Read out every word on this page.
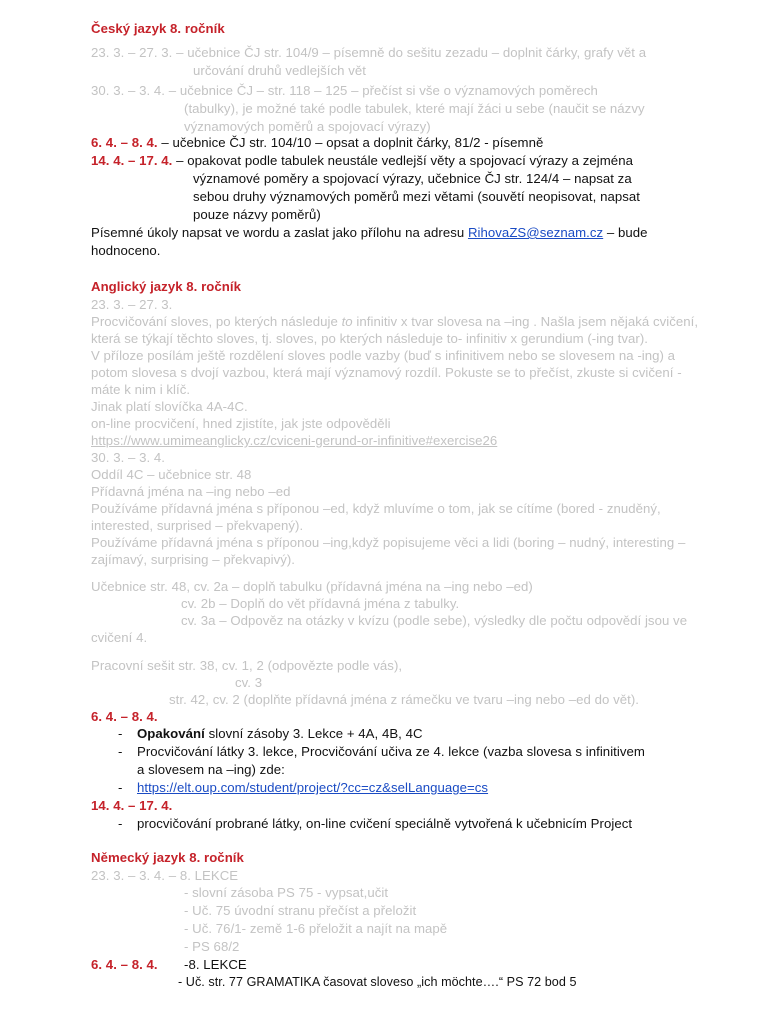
Český jazyk 8. ročník
23. 3. – 27. 3. – učebnice ČJ str. 104/9 – písemně do sešitu zezadu – doplnit čárky, grafy vět a
určování druhů vedlejších vět
30. 3. – 3. 4. – učebnice ČJ – str. 118 – 125 – přečíst si vše o významových poměrech
(tabulky), je možné také podle tabulek, které mají žáci u sebe (naučit se názvy
významových poměrů a spojovací výrazy)
6. 4. – 8. 4. – učebnice ČJ str. 104/10 – opsat a doplnit čárky, 81/2 - písemně
14. 4. – 17. 4. – opakovat podle tabulek neustále vedlejší věty a spojovací výrazy a zejména
významové poměry a spojovací výrazy, učebnice ČJ str. 124/4 – napsat za
sebou druhy významových poměrů mezi větami (souvětí neopisovat, napsat
pouze názvy poměrů)
Písemné úkoly napsat ve wordu a zaslat jako přílohu na adresu RihovaZS@seznam.cz – bude
hodnoceno.
Anglický jazyk 8. ročník
23. 3. – 27. 3.
Procvičování sloves, po kterých následuje to infinitiv x tvar slovesa na –ing . Našla jsem nějaká cvičení,
která se týkají těchto sloves, tj. sloves, po kterých následuje to- infinitiv x gerundium (-ing tvar).
V příloze posílám ještě rozdělení sloves podle vazby (buď s infinitivem nebo se slovesem na -ing) a
potom slovesa s dvojí vazbou, která mají významový rozdíl. Pokuste se to přečíst, zkuste si cvičení -
máte k nim i klíč.
Jinak platí slovíčka 4A-4C.
on-line procvičení, hned zjistíte, jak jste odpověděli
https://www.umimeanglicky.cz/cviceni-gerund-or-infinitive#exercise26
30. 3. – 3. 4.
Oddíl 4C – učebnice str. 48
Přídavná jména na –ing nebo –ed
Používáme přídavná jména s příponou –ed, když mluvíme o tom, jak se cítíme (bored - znuděný,
interested, surprised – překvapený).
Používáme přídavná jména s příponou –ing,když popisujeme věci a lidi (boring – nudný, interesting –
zajímavý, surprising – překvapivý).
Učebnice str. 48, cv. 2a – doplň tabulku (přídavná jména na –ing nebo –ed)
cv. 2b – Doplň do vět přídavná jména z tabulky.
cv. 3a – Odpověz na otázky v kvízu (podle sebe), výsledky dle počtu odpovědí jsou ve
cvičení 4.
Pracovní sešit str. 38, cv. 1, 2 (odpovězte podle vás),
cv. 3
str. 42, cv. 2 (doplňte přídavná jména z rámečku ve tvaru –ing nebo –ed do vět).
6. 4. – 8. 4.
- Opakování slovní zásoby 3. Lekce + 4A, 4B, 4C
- Procvičování látky 3. lekce, Procvičování učiva ze 4. lekce (vazba slovesa s infinitivem
a slovesem na –ing) zde:
- https://elt.oup.com/student/project/?cc=cz&selLanguage=cs
14. 4. – 17. 4.
- procvičování probrané látky, on-line cvičení speciálně vytvořená k učebnicím Project
Německý jazyk 8. ročník
23. 3. – 3. 4. – 8. LEKCE
- slovní zásoba PS 75 - vypsat,učit
- Uč. 75 úvodní stranu přečíst a přeložit
- Uč. 76/1- země 1-6 přeložit a najít na mapě
- PS 68/2
6. 4. – 8. 4. -8. LEKCE
- Uč. str. 77 GRAMATIKA časovat sloveso „ich möchte….“ PS 72 bod 5
